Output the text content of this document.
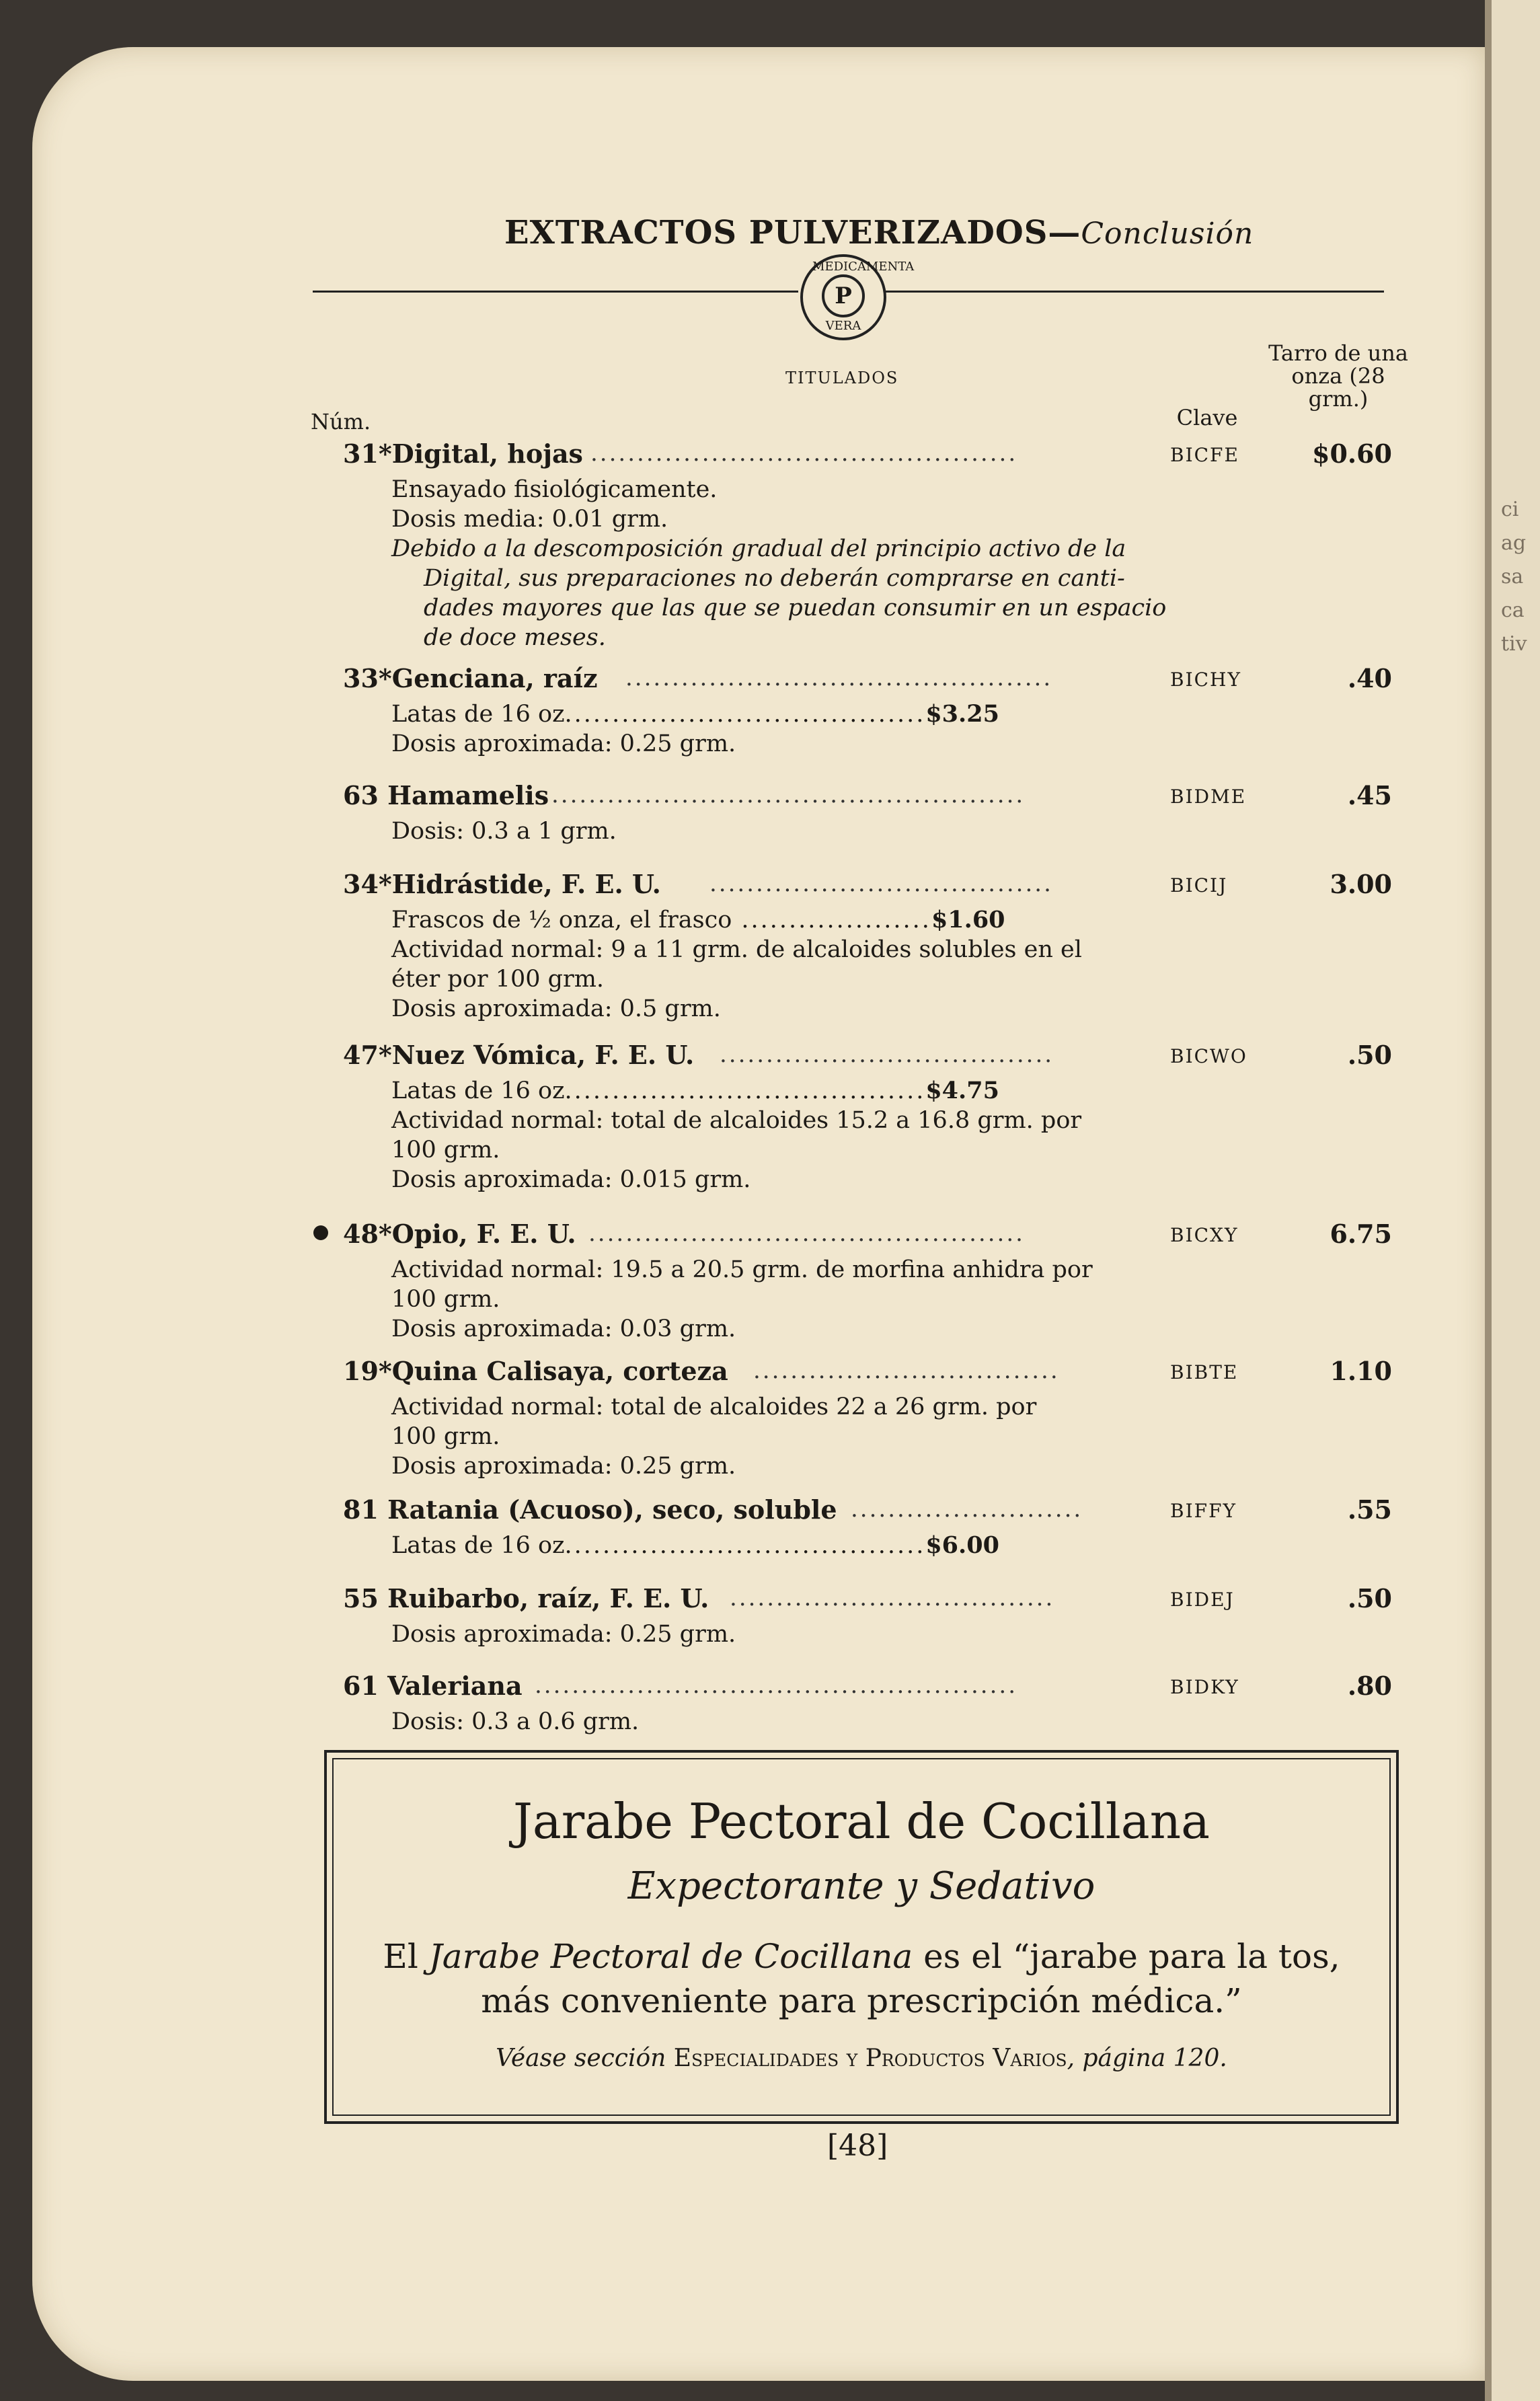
ci
ag
sa
ca
tiv
EXTRACTOS PULVERIZADOS—Conclusión
MEDICAMENTA
P
VERA
TITULADOS
Núm.	Clave
Tarro de una onza (28 grm.)
31*Digital, hojas ..............................................	BICFE	$0.60
Ensayado fisiológicamente.
Dosis media: 0.01 grm.
Debido a la descomposición gradual del principio activo de la
Digital, sus preparaciones no deberán comprarse en canti-
dades mayores que las que se puedan consumir en un espacio
de doce meses.
33*Genciana, raíz ..............................................	BICHY	.40
Latas de 16 oz......................................$3.25
Dosis aproximada: 0.25 grm.
63 Hamamelis ...................................................	BIDME	.45
Dosis: 0.3 a 1 grm.
34*Hidrástide, F. E. U. .....................................	BICIJ	3.00
Frascos de ½ onza, el frasco ....................$1.60
Actividad normal: 9 a 11 grm. de alcaloides solubles en el
éter por 100 grm.
Dosis aproximada: 0.5 grm.
47*Nuez Vómica, F. E. U. ....................................	BICWO	.50
Latas de 16 oz......................................$4.75
Actividad normal: total de alcaloides 15.2 a 16.8 grm. por
100 grm.
Dosis aproximada: 0.015 grm.
48*Opio, F. E. U. ...............................................	BICXY	6.75
Actividad normal: 19.5 a 20.5 grm. de morfina anhidra por
100 grm.
Dosis aproximada: 0.03 grm.
19*Quina Calisaya, corteza .................................	BIBTE	1.10
Actividad normal: total de alcaloides 22 a 26 grm. por
100 grm.
Dosis aproximada: 0.25 grm.
81 Ratania (Acuoso), seco, soluble .........................	BIFFY	.55
Latas de 16 oz......................................$6.00
55 Ruibarbo, raíz, F. E. U. ...................................	BIDEJ	.50
Dosis aproximada: 0.25 grm.
61 Valeriana ....................................................	BIDKY	.80
Dosis: 0.3 a 0.6 grm.
Jarabe Pectoral de Cocillana
Expectorante y Sedativo
El Jarabe Pectoral de Cocillana es el “jarabe para la tos,
más conveniente para prescripción médica.”
Véase sección Especialidades y Productos Varios, página 120.
[48]
